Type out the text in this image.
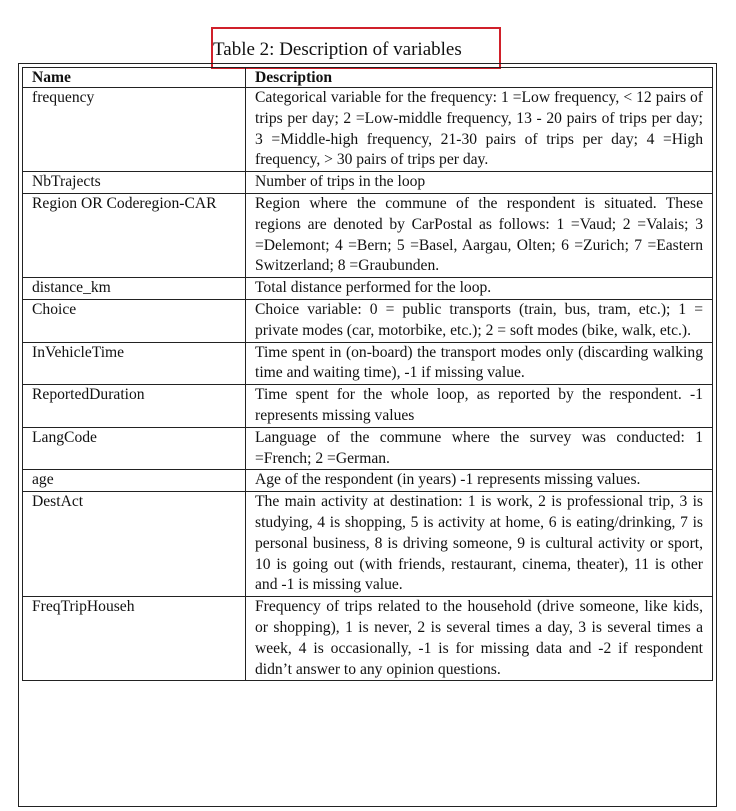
Table 2: Description of variables
Name	Description
frequency	Categorical variable for the frequency: 1 =Low frequency, < 12 pairs of trips per day; 2 =Low-middle frequency, 13 - 20 pairs of trips per day; 3 =Middle-high frequency, 21-30 pairs of trips per day; 4 =High frequency, > 30 pairs of trips per day.
NbTrajects	Number of trips in the loop
Region OR Coderegion-CAR	Region where the commune of the respondent is situated. These regions are denoted by CarPostal as follows: 1 =Vaud; 2 =Valais; 3 =Delemont; 4 =Bern; 5 =Basel, Aargau, Olten; 6 =Zurich; 7 =Eastern Switzerland; 8 =Graubunden.
distance_km	Total distance performed for the loop.
Choice	Choice variable: 0 = public transports (train, bus, tram, etc.); 1 = private modes (car, motorbike, etc.); 2 = soft modes (bike, walk, etc.).
InVehicleTime	Time spent in (on-board) the transport modes only (discarding walking time and waiting time), -1 if missing value.
ReportedDuration	Time spent for the whole loop, as reported by the respondent. -1 represents missing values
LangCode	Language of the commune where the survey was conducted: 1 =French; 2 =German.
age	Age of the respondent (in years) -1 represents missing values.
DestAct	The main activity at destination: 1 is work, 2 is professional trip, 3 is studying, 4 is shopping, 5 is activity at home, 6 is eating/drinking, 7 is personal business, 8 is driving someone, 9 is cultural activity or sport, 10 is going out (with friends, restaurant, cinema, theater), 11 is other and -1 is missing value.
FreqTripHouseh	Frequency of trips related to the household (drive someone, like kids, or shopping), 1 is never, 2 is several times a day, 3 is several times a week, 4 is occasionally, -1 is for missing data and -2 if respondent didn’t answer to any opinion questions.
